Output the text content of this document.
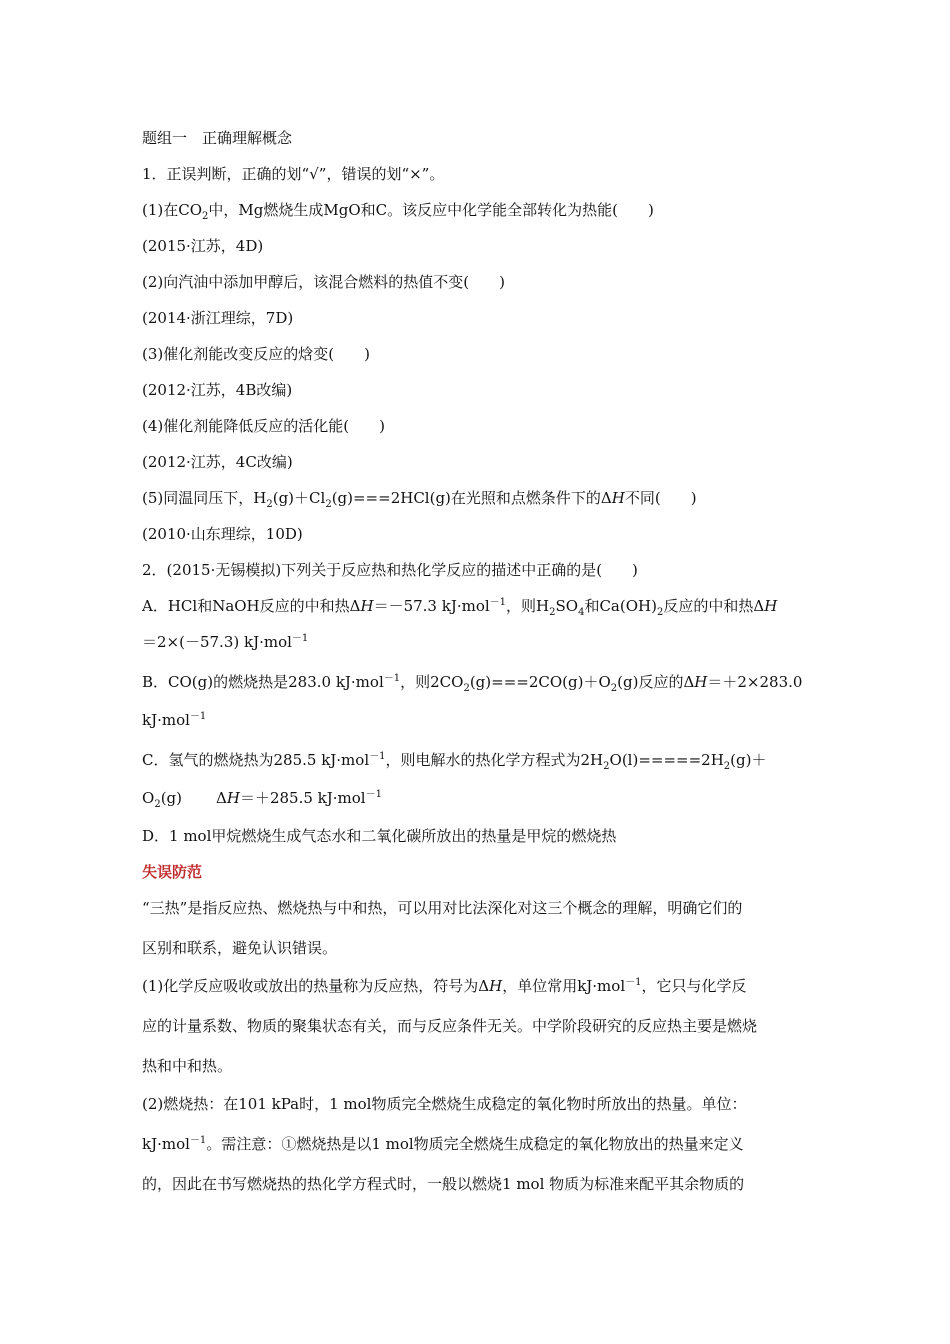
题组一　正确理解概念
1．正误判断，正确的划“√”，错误的划“×”。
(1)在$CO_2$中，Mg燃烧生成MgO和C。该反应中化学能全部转化为热能(　　)
(2015·江苏，4D)
(2)向汽油中添加甲醇后，该混合燃料的热值不变(　　)
(2014·浙江理综，7D)
(3)催化剂能改变反应的焓变(　　)
(2012·江苏，4B改编)
(4)催化剂能降低反应的活化能(　　)
(2012·江苏，4C改编)
(5)同温同压下，$H_2(g)+Cl_2(g)===2HCl(g)$在光照和点燃条件下的ΔH不同(　　)
(2010·山东理综，10D)
2．(2015·无锡模拟)下列关于反应热和热化学反应的描述中正确的是(　　)
A．HCl和NaOH反应的中和热ΔH＝－57.3 kJ·mol$^{-1}$，则$H_2SO_4$和$Ca(OH)_2$反应的中和热ΔH
＝2×(－57.3) kJ·mol$^{-1}$
B．CO(g)的燃烧热是283.0 kJ·mol$^{-1}$，则$2CO_2(g)===2CO(g)+O_2(g)$反应的ΔH＝＋2×283.0
kJ·mol$^{-1}$
C．氢气的燃烧热为285.5 kJ·mol$^{-1}$，则电解水的热化学方程式为$2H_2O(l)=====2H_2(g)+$
$O_2(g)$ ΔH＝＋285.5 kJ·mol$^{-1}$
D．1 mol甲烷燃烧生成气态水和二氧化碳所放出的热量是甲烷的燃烧热
失误防范
“三热”是指反应热、燃烧热与中和热，可以用对比法深化对这三个概念的理解，明确它们的
区别和联系，避免认识错误。
(1)化学反应吸收或放出的热量称为反应热，符号为ΔH，单位常用kJ·mol$^{-1}$，它只与化学反
应的计量系数、物质的聚集状态有关，而与反应条件无关。中学阶段研究的反应热主要是燃烧
热和中和热。
(2)燃烧热：在101 kPa时，1 mol物质完全燃烧生成稳定的氧化物时所放出的热量。单位：
kJ·mol$^{-1}$。需注意：①燃烧热是以1 mol物质完全燃烧生成稳定的氧化物放出的热量来定义
的，因此在书写燃烧热的热化学方程式时，一般以燃烧1 mol 物质为标准来配平其余物质的
